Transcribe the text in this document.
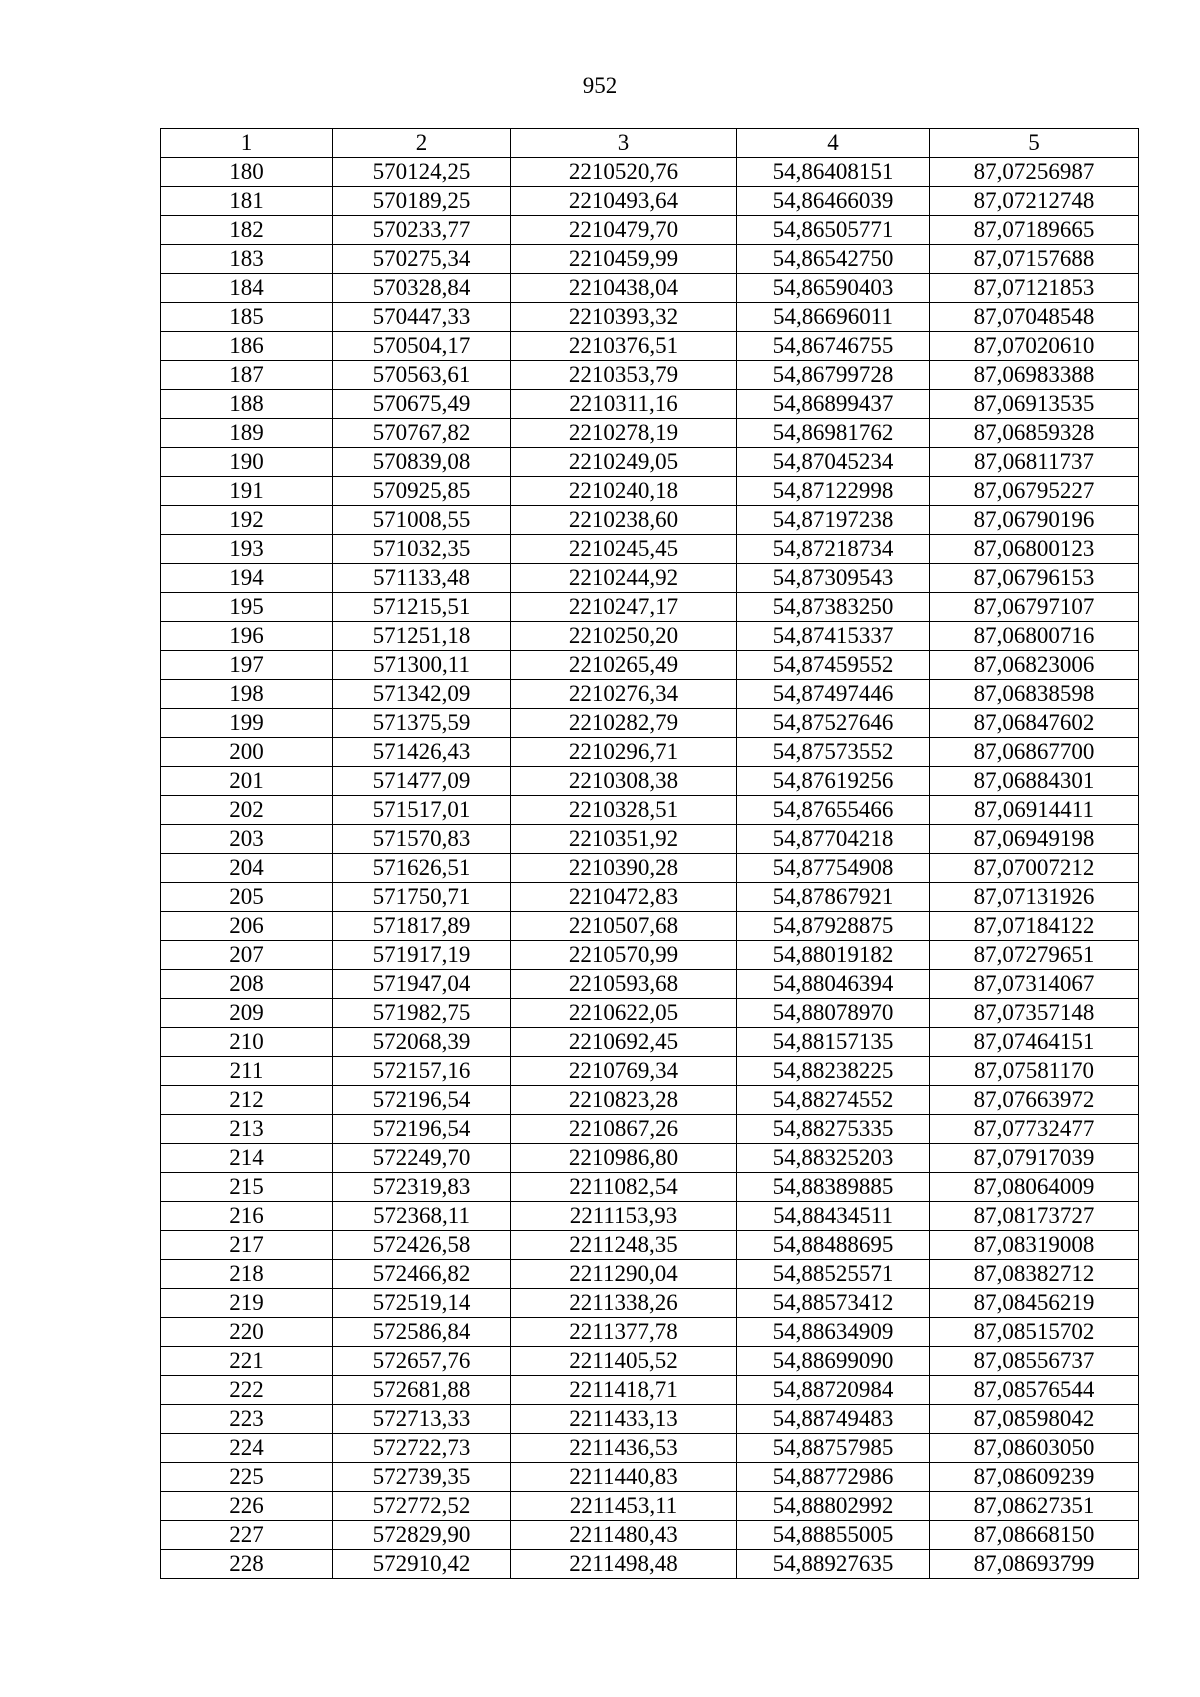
952
1	2	3	4	5
180	570124,25	2210520,76	54,86408151	87,07256987
181	570189,25	2210493,64	54,86466039	87,07212748
182	570233,77	2210479,70	54,86505771	87,07189665
183	570275,34	2210459,99	54,86542750	87,07157688
184	570328,84	2210438,04	54,86590403	87,07121853
185	570447,33	2210393,32	54,86696011	87,07048548
186	570504,17	2210376,51	54,86746755	87,07020610
187	570563,61	2210353,79	54,86799728	87,06983388
188	570675,49	2210311,16	54,86899437	87,06913535
189	570767,82	2210278,19	54,86981762	87,06859328
190	570839,08	2210249,05	54,87045234	87,06811737
191	570925,85	2210240,18	54,87122998	87,06795227
192	571008,55	2210238,60	54,87197238	87,06790196
193	571032,35	2210245,45	54,87218734	87,06800123
194	571133,48	2210244,92	54,87309543	87,06796153
195	571215,51	2210247,17	54,87383250	87,06797107
196	571251,18	2210250,20	54,87415337	87,06800716
197	571300,11	2210265,49	54,87459552	87,06823006
198	571342,09	2210276,34	54,87497446	87,06838598
199	571375,59	2210282,79	54,87527646	87,06847602
200	571426,43	2210296,71	54,87573552	87,06867700
201	571477,09	2210308,38	54,87619256	87,06884301
202	571517,01	2210328,51	54,87655466	87,06914411
203	571570,83	2210351,92	54,87704218	87,06949198
204	571626,51	2210390,28	54,87754908	87,07007212
205	571750,71	2210472,83	54,87867921	87,07131926
206	571817,89	2210507,68	54,87928875	87,07184122
207	571917,19	2210570,99	54,88019182	87,07279651
208	571947,04	2210593,68	54,88046394	87,07314067
209	571982,75	2210622,05	54,88078970	87,07357148
210	572068,39	2210692,45	54,88157135	87,07464151
211	572157,16	2210769,34	54,88238225	87,07581170
212	572196,54	2210823,28	54,88274552	87,07663972
213	572196,54	2210867,26	54,88275335	87,07732477
214	572249,70	2210986,80	54,88325203	87,07917039
215	572319,83	2211082,54	54,88389885	87,08064009
216	572368,11	2211153,93	54,88434511	87,08173727
217	572426,58	2211248,35	54,88488695	87,08319008
218	572466,82	2211290,04	54,88525571	87,08382712
219	572519,14	2211338,26	54,88573412	87,08456219
220	572586,84	2211377,78	54,88634909	87,08515702
221	572657,76	2211405,52	54,88699090	87,08556737
222	572681,88	2211418,71	54,88720984	87,08576544
223	572713,33	2211433,13	54,88749483	87,08598042
224	572722,73	2211436,53	54,88757985	87,08603050
225	572739,35	2211440,83	54,88772986	87,08609239
226	572772,52	2211453,11	54,88802992	87,08627351
227	572829,90	2211480,43	54,88855005	87,08668150
228	572910,42	2211498,48	54,88927635	87,08693799
